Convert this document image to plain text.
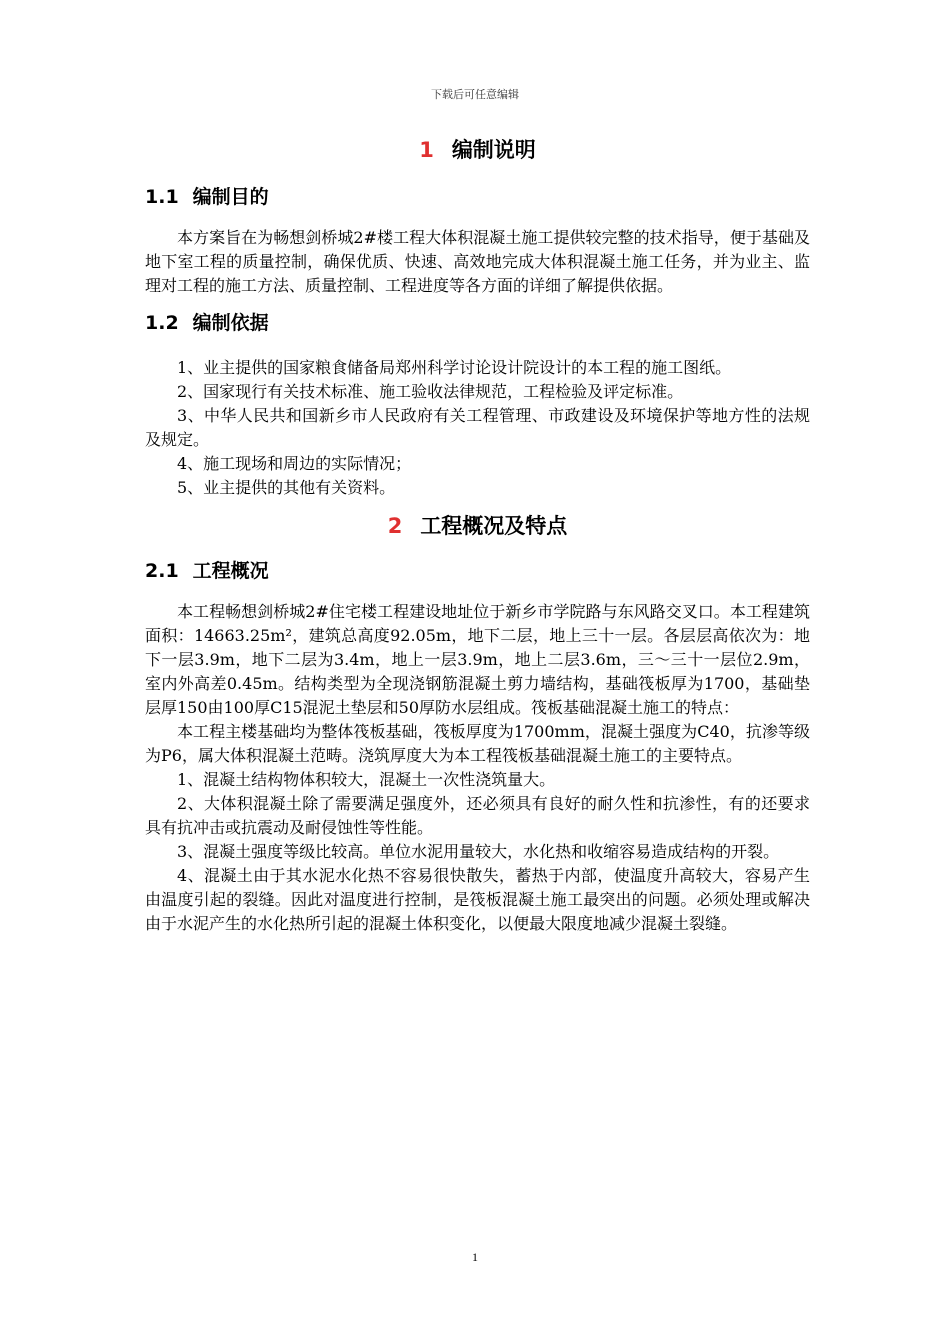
下载后可任意编辑
1 编制说明
1.1 编制目的

本方案旨在为畅想剑桥城2#楼工程大体积混凝土施工提供较完整的技术指导，便于基础及地下室工程的质量控制，确保优质、快速、高效地完成大体积混凝土施工任务，并为业主、监理对工程的施工方法、质量控制、工程进度等各方面的详细了解提供依据。

1.2 编制依据

1、业主提供的国家粮食储备局郑州科学讨论设计院设计的本工程的施工图纸。

2、国家现行有关技术标准、施工验收法律规范，工程检验及评定标准。

3、中华人民共和国新乡市人民政府有关工程管理、市政建设及环境保护等地方性的法规及规定。

4、施工现场和周边的实际情况；

5、业主提供的其他有关资料。

2 工程概况及特点
2.1 工程概况

本工程畅想剑桥城2#住宅楼工程建设地址位于新乡市学院路与东风路交叉口。本工程建筑面积：14663.25m²，建筑总高度92.05m，地下二层，地上三十一层。各层层高依次为：地下一层3.9m，地下二层为3.4m，地上一层3.9m，地上二层3.6m，三～三十一层位2.9m，室内外高差0.45m。结构类型为全现浇钢筋混凝土剪力墙结构，基础筏板厚为1700，基础垫层厚150由100厚C15混泥土垫层和50厚防水层组成。筏板基础混凝土施工的特点：

本工程主楼基础均为整体筏板基础，筏板厚度为1700mm，混凝土强度为C40，抗渗等级为P6，属大体积混凝土范畴。浇筑厚度大为本工程筏板基础混凝土施工的主要特点。

1、混凝土结构物体积较大，混凝土一次性浇筑量大。

2、大体积混凝土除了需要满足强度外，还必须具有良好的耐久性和抗渗性，有的还要求具有抗冲击或抗震动及耐侵蚀性等性能。

3、混凝土强度等级比较高。单位水泥用量较大，水化热和收缩容易造成结构的开裂。

4、混凝土由于其水泥水化热不容易很快散失，蓄热于内部，使温度升高较大，容易产生由温度引起的裂缝。因此对温度进行控制，是筏板混凝土施工最突出的问题。必须处理或解决由于水泥产生的水化热所引起的混凝土体积变化，以便最大限度地减少混凝土裂缝。

1
